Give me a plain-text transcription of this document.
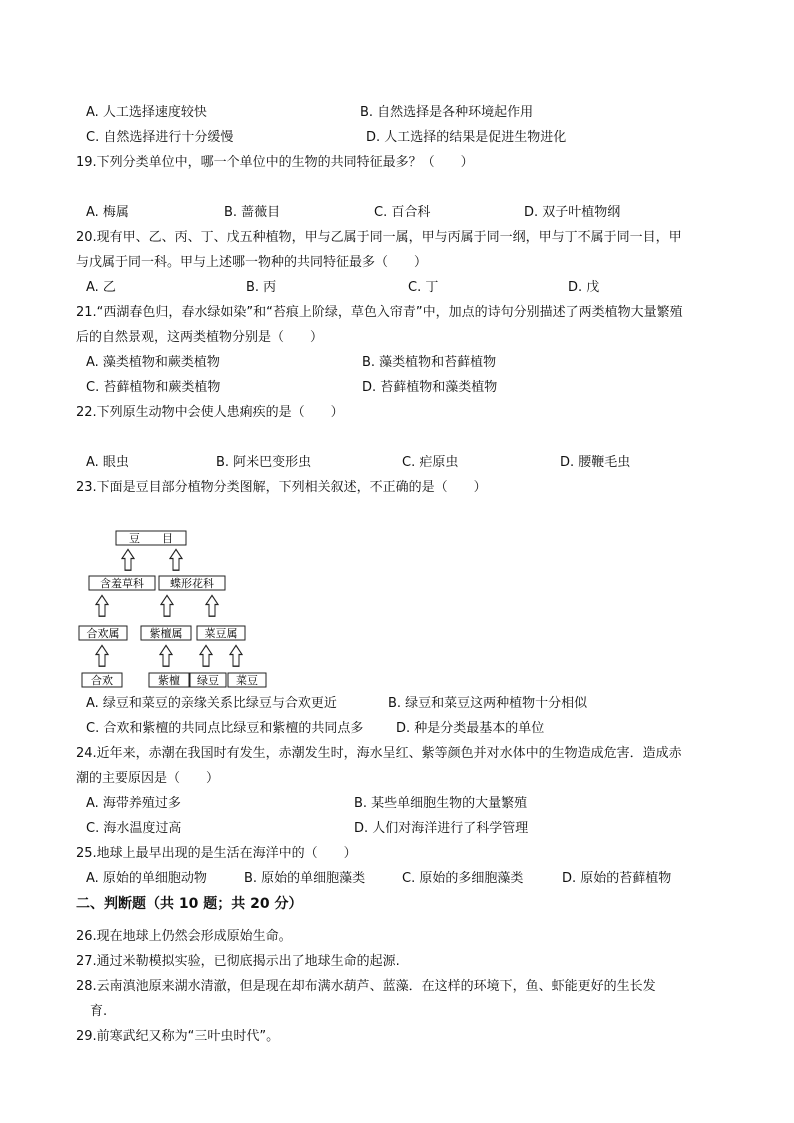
A. 人工选择速度较快	B. 自然选择是各种环境起作用
C. 自然选择进行十分缓慢	D. 人工选择的结果是促进生物进化
19.下列分类单位中，哪一个单位中的生物的共同特征最多？（　　）
A. 梅属	B. 蔷薇目	C. 百合科	D. 双子叶植物纲
20.现有甲、乙、丙、丁、戊五种植物，甲与乙属于同一属，甲与丙属于同一纲，甲与丁不属于同一目，甲
与戊属于同一科。甲与上述哪一物种的共同特征最多（　　）
A. 乙	B. 丙	C. 丁	D. 戊
21.“西湖春色归，春水绿如染”和“苔痕上阶绿，草色入帘青”中，加点的诗句分别描述了两类植物大量繁殖
后的自然景观，这两类植物分别是（　　）
A. 藻类植物和蕨类植物	B. 藻类植物和苔藓植物
C. 苔藓植物和蕨类植物	D. 苔藓植物和藻类植物
22.下列原生动物中会使人患痢疾的是（　　）
A. 眼虫	B. 阿米巴变形虫	C. 疟原虫	D. 腰鞭毛虫
23.下面是豆目部分植物分类图解，下列相关叙述，不正确的是（　　）
豆　　目
含羞草科 蝶形花科
合欢属	紫檀属 菜豆属
合欢	紫檀 绿豆 菜豆
A. 绿豆和菜豆的亲缘关系比绿豆与合欢更近	B. 绿豆和菜豆这两种植物十分相似
C. 合欢和紫檀的共同点比绿豆和紫檀的共同点多	D. 种是分类最基本的单位
24.近年来，赤潮在我国时有发生，赤潮发生时，海水呈红、紫等颜色并对水体中的生物造成危害．造成赤
潮的主要原因是（　　）
A. 海带养殖过多	B. 某些单细胞生物的大量繁殖
C. 海水温度过高	D. 人们对海洋进行了科学管理
25.地球上最早出现的是生活在海洋中的（　　）
A. 原始的单细胞动物	B. 原始的单细胞藻类	C. 原始的多细胞藻类	D. 原始的苔藓植物
二、判断题（共 10 题；共 20 分）
26.现在地球上仍然会形成原始生命。
27.通过米勒模拟实验，已彻底揭示出了地球生命的起源.
28.云南滇池原来湖水清澈，但是现在却布满水葫芦、蓝藻．在这样的环境下，鱼、虾能更好的生长发
育.
29.前寒武纪又称为“三叶虫时代”。
